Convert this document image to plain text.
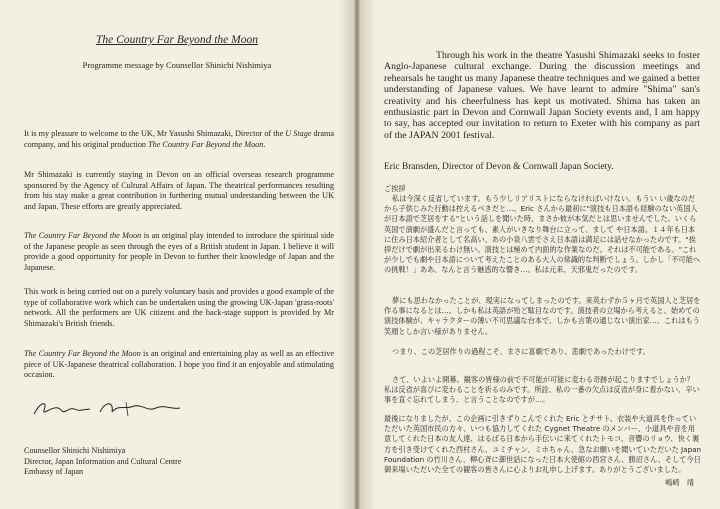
The Country Far Beyond the Moon
Programme message by Counsellor Shinichi Nishimiya

It is my pleasure to welcome to the UK, Mr Yasushi Shimazaki, Director of the U Stage drama company, and his original production The Country Far Beyond the Moon.

Mr Shimazaki is currently staying in Devon on an official overseas research programme sponsored by the Agency of Cultural Affairs of Japan. The theatrical performances resulting from his stay make a great contribution in furthering mutual understanding between the UK and Japan. These efforts are greatly appreciated.

The Country Far Beyond the Moon is an original play intended to introduce the spiritual side of the Japanese people as seen through the eyes of a British student in Japan. I believe it will provide a good opportunity for people in Devon to further their knowledge of Japan and the Japanese.

This work is being carried out on a purely voluntary basis and provides a good example of the type of collaborative work which can be undertaken using the growing UK-Japan 'grass-roots' network. All the performers are UK citizens and the back-stage support is provided by Mr Shimazaki's British friends.

The Country Far Beyond the Moon is an original and entertaining play as well as an effective piece of UK-Japanese theatrical collaboration. I hope you find it an enjoyable and stimulating occasion.

Counsellor Shinichi Nishimiya
Director, Japan Information and Cultural Centre
Embassy of Japan

Through his work in the theatre Yasushi Shimazaki seeks to foster Anglo-Japanese cultural exchange. During the discussion meetings and rehearsals he taught us many Japanese theatre techniques and we gained a better understanding of Japanese values. We have learnt to admire "Shima" san's creativity and his cheerfulness has kept us motivated. Shima has taken an enthusiastic part in Devon and Cornwall Japan Society events and, I am happy to say, has accepted our invitation to return to Exeter with his company as part of the JAPAN 2001 festival.

Eric Bransden, Director of Devon & Cornwall Japan Society.

ご挨拶

私は今深く反省しています。もう少しリアリストにならなければいけない。もうい い歳なのだから子供じみた行動は控えるべきだと…。Eric さんから最初に"演技も日本語も経験のない英国人が日本語で芝居をする"という話しを聞いた時、まさか彼が本気だとは思いませんでした。いくら英国で演劇が盛んだと言っても、素人がいきなり舞台に立って、まして や日本語。１４年も日本に住み日本紹介者として名高い、あの小泉八雲でさえ日本語は満足には話せなかったのです。"挨拶だけで劇が出来るわけ無い。演技とは極めて内面的な作業なのだ。それは不可能である。"これが少しでも劇や日本語について考えたことのある大人の常識的な判断でしょう。しかし「不可能への挑戦！」ああ、なんと言う魅惑的な響き…。私は元来、天邪鬼だったのです。

夢にも思わなかったことが、現実になってしまったのです。来英わずか５ヶ月で英国人と芝居を作る事になるとは…。しかも私は英語が殆ど駄目なのです。演技者の立場から考えると、始めての演技体験が、キャラクターの薄い不可思議な台本で、しかも言葉の通じない演出家…。これはもう笑顔としか言い様がありません。

つまり、この芝居作りの過程こそ、まさに喜劇であり、悲劇であったわけです。

さて、いよいよ開幕。観客の皆様の前で不可能が可能に変わる奇跡が起こりますでしょうか？　私は反省が喜びに変わることを祈るのみです。所詮、私の一番の欠点は反省が身に着かない、辛い事を直ぐ忘れてしまう、と言うことなのですが…。

最後になりましたが、この企画に引きずりこんでくれた Eric とチサト、衣装や大道具を作っていただいた英国市民の方々、いつも協力してくれた Cygnet Theatre のメンバー、小道具や音を用意してくれた日本の友人達、はるばる日本から手伝いに来てくれたトモコ、音響のリョウ、快く裏方を引き受けてくれた西村さん、ユミチャン、ミホちゃん、急なお願いを聞いていただいた Japan Foundation の竹川さん、柳心斉に御世話になった日本大使館の西宮さん、勝沼さん、そして今日御来場いただいた全ての観客の皆さんに心よりお礼申し上げます。ありがとうございました。

嶋崎　靖
